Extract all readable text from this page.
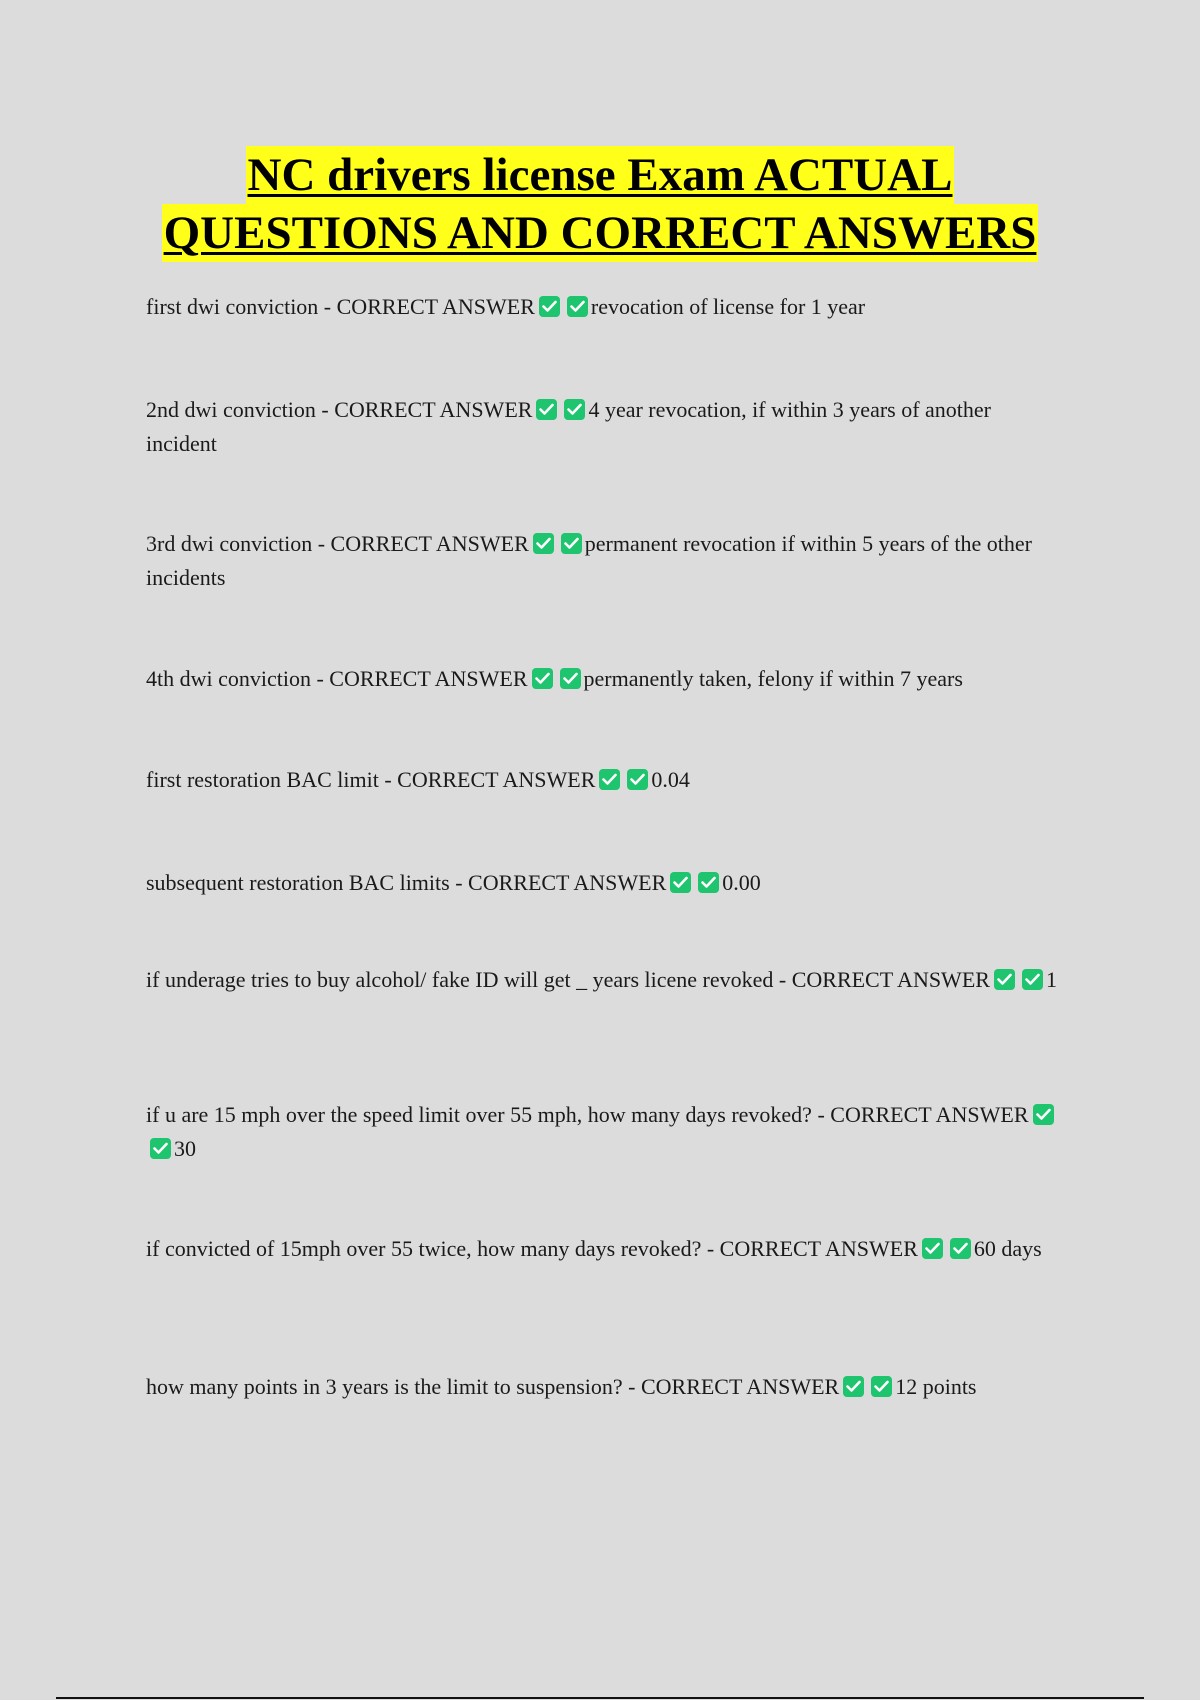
NC drivers license Exam ACTUAL
QUESTIONS AND CORRECT ANSWERS
first dwi conviction - CORRECT ANSWER	revocation of license for 1 year
2nd dwi conviction - CORRECT ANSWER	4 year revocation, if within 3 years of another incident
3rd dwi conviction - CORRECT ANSWER	permanent revocation if within 5 years of the other incidents
4th dwi conviction - CORRECT ANSWER	permanently taken, felony if within 7 years
first restoration BAC limit - CORRECT ANSWER	0.04
subsequent restoration BAC limits - CORRECT ANSWER	0.00
if underage tries to buy alcohol/ fake ID will get _ years licene revoked - CORRECT ANSWER	1
if u are 15 mph over the speed limit over 55 mph, how many days revoked? - CORRECT ANSWER
30
if convicted of 15mph over 55 twice, how many days revoked? - CORRECT ANSWER	60 days
how many points in 3 years is the limit to suspension? - CORRECT ANSWER	12 points
